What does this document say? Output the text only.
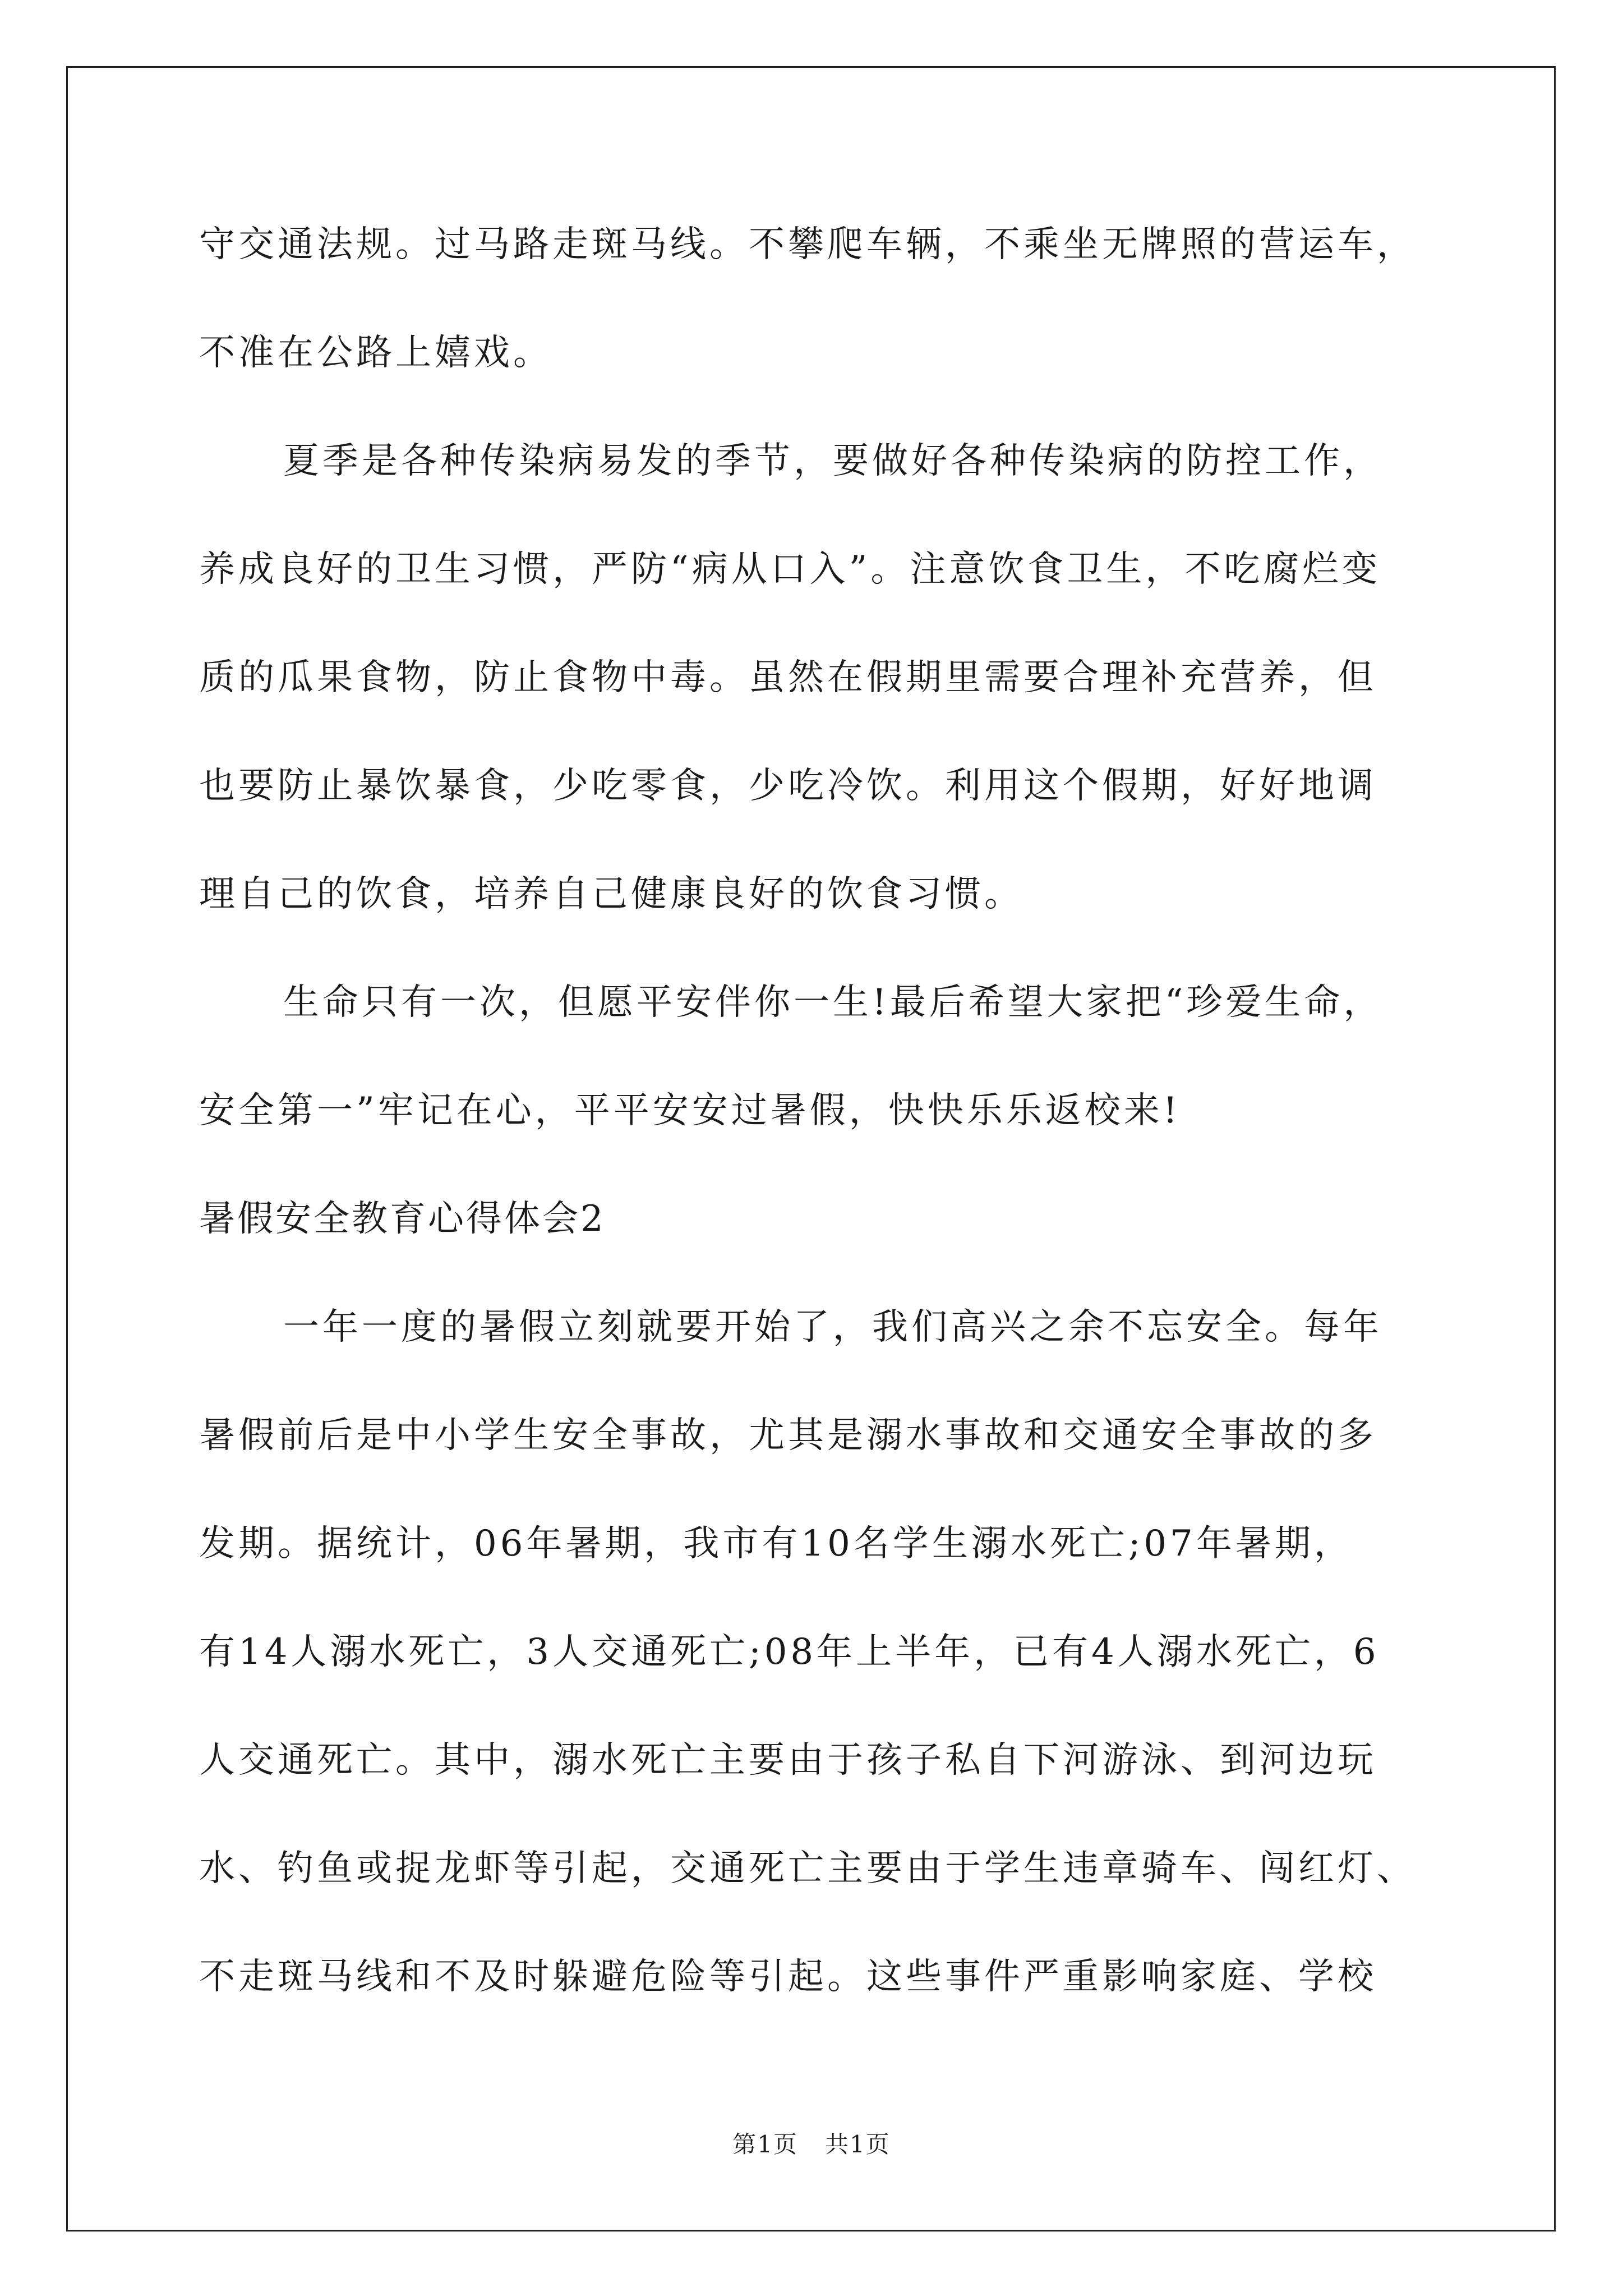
守交通法规。过马路走斑马线。不攀爬车辆，不乘坐无牌照的营运车，
不准在公路上嬉戏。
夏季是各种传染病易发的季节，要做好各种传染病的防控工作，
养成良好的卫生习惯，严防“病从口入”。注意饮食卫生，不吃腐烂变
质的瓜果食物，防止食物中毒。虽然在假期里需要合理补充营养，但
也要防止暴饮暴食，少吃零食，少吃冷饮。利用这个假期，好好地调
理自己的饮食，培养自己健康良好的饮食习惯。
生命只有一次，但愿平安伴你一生!最后希望大家把“珍爱生命，
安全第一”牢记在心，平平安安过暑假，快快乐乐返校来!
暑假安全教育心得体会2
一年一度的暑假立刻就要开始了，我们高兴之余不忘安全。每年
暑假前后是中小学生安全事故，尤其是溺水事故和交通安全事故的多
发期。据统计，06年暑期，我市有10名学生溺水死亡;07年暑期，
有14人溺水死亡，3人交通死亡;08年上半年，已有4人溺水死亡，6
人交通死亡。其中，溺水死亡主要由于孩子私自下河游泳、到河边玩
水、钓鱼或捉龙虾等引起，交通死亡主要由于学生违章骑车、闯红灯、
不走斑马线和不及时躲避危险等引起。这些事件严重影响家庭、学校
第1页 共1页
